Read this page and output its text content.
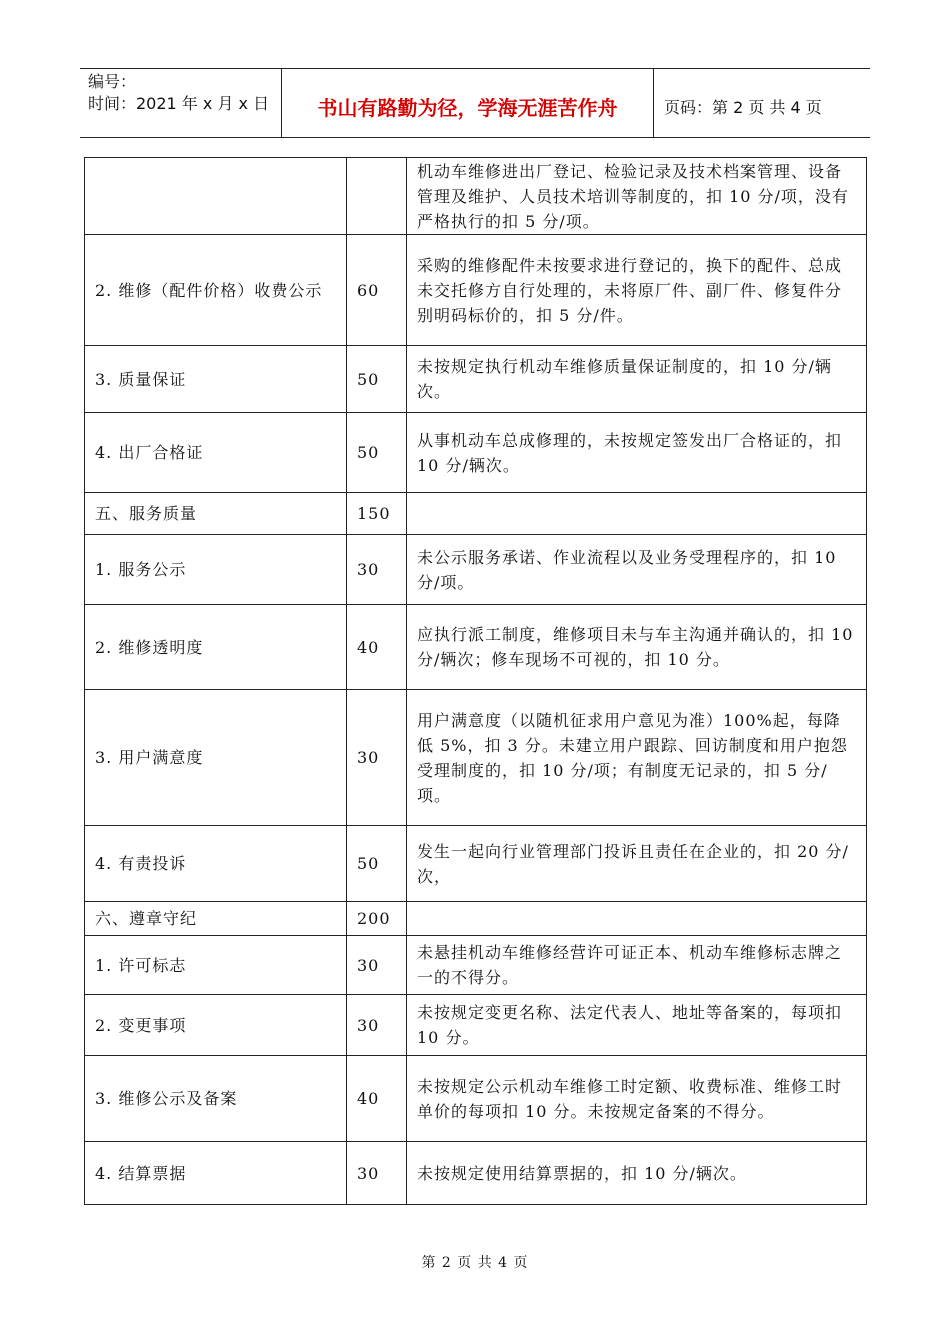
编号：
时间：2021 年 x 月 x 日	书山有路勤为径，学海无涯苦作舟	页码：第 2 页 共 4 页
		机动车维修进出厂登记、检验记录及技术档案管理、设备管理及维护、人员技术培训等制度的，扣 10 分/项，没有严格执行的扣 5 分/项。
2. 维修（配件价格）收费公示	60	采购的维修配件未按要求进行登记的，换下的配件、总成未交托修方自行处理的，未将原厂件、副厂件、修复件分别明码标价的，扣 5 分/件。
3. 质量保证	50	未按规定执行机动车维修质量保证制度的，扣 10 分/辆次。
4. 出厂合格证	50	从事机动车总成修理的，未按规定签发出厂合格证的，扣 10 分/辆次。
五、服务质量	150	
1. 服务公示	30	未公示服务承诺、作业流程以及业务受理程序的，扣 10 分/项。
2. 维修透明度	40	应执行派工制度，维修项目未与车主沟通并确认的，扣 10 分/辆次；修车现场不可视的，扣 10 分。
3. 用户满意度	30	用户满意度（以随机征求用户意见为准）100%起，每降低 5%，扣 3 分。未建立用户跟踪、回访制度和用户抱怨受理制度的，扣 10 分/项；有制度无记录的，扣 5 分/项。
4. 有责投诉	50	发生一起向行业管理部门投诉且责任在企业的，扣 20 分/次，
六、遵章守纪	200	
1. 许可标志	30	未悬挂机动车维修经营许可证正本、机动车维修标志牌之一的不得分。
2. 变更事项	30	未按规定变更名称、法定代表人、地址等备案的，每项扣 10 分。
3. 维修公示及备案	40	未按规定公示机动车维修工时定额、收费标准、维修工时单价的每项扣 10 分。未按规定备案的不得分。
4. 结算票据	30	未按规定使用结算票据的，扣 10 分/辆次。
第 2 页 共 4 页
